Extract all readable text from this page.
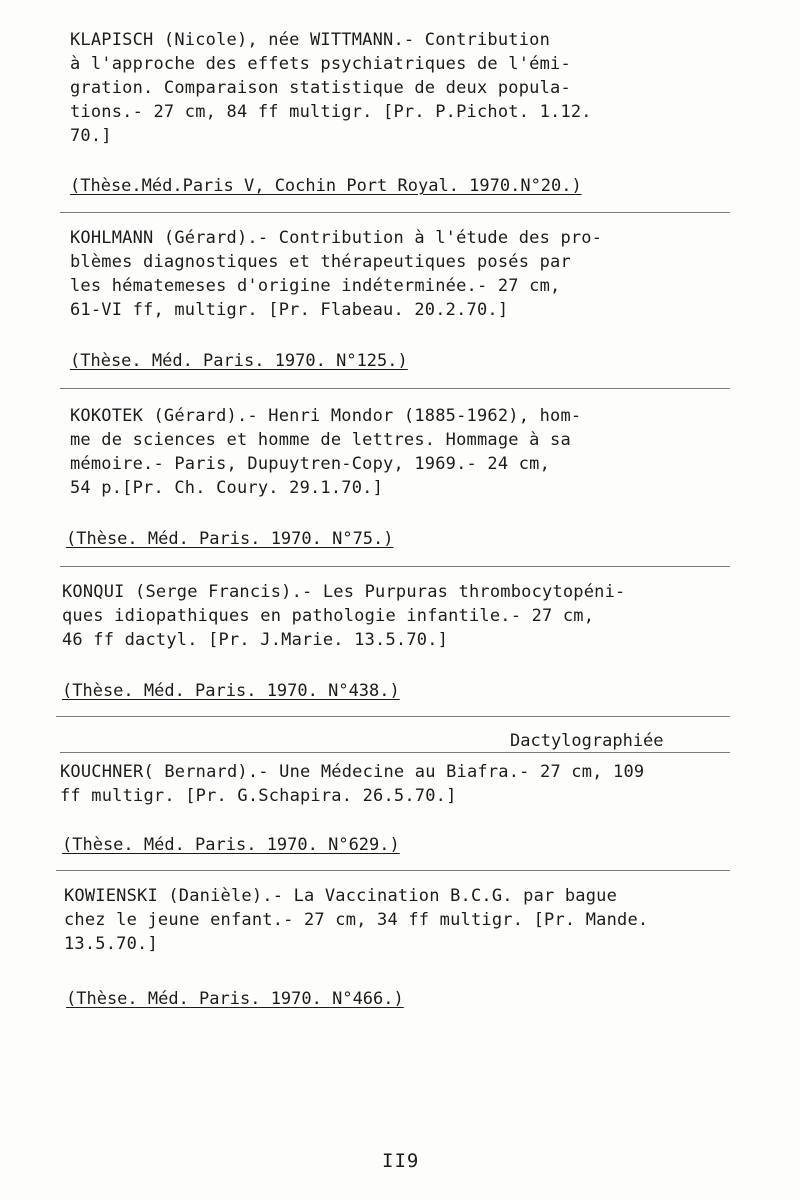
KLAPISCH (Nicole), née WITTMANN.- Contribution
à l'approche des effets psychiatriques de l'émi-
gration. Comparaison statistique de deux popula-
tions.- 27 cm, 84 ff multigr. [Pr. P.Pichot. 1.12.
70.]
(Thèse.Méd.Paris V, Cochin Port Royal. 1970.N°20.)
KOHLMANN (Gérard).- Contribution à l'étude des pro-
blèmes diagnostiques et thérapeutiques posés par
les hématemeses d'origine indéterminée.- 27 cm,
61-VI ff, multigr. [Pr. Flabeau. 20.2.70.]
(Thèse. Méd. Paris. 1970. N°125.)
KOKOTEK (Gérard).- Henri Mondor (1885-1962), hom-
me de sciences et homme de lettres. Hommage à sa
mémoire.- Paris, Dupuytren-Copy, 1969.- 24 cm,
54 p.[Pr. Ch. Coury. 29.1.70.]
(Thèse. Méd. Paris. 1970. N°75.)
KONQUI (Serge Francis).- Les Purpuras thrombocytopéni-
ques idiopathiques en pathologie infantile.- 27 cm,
46 ff dactyl. [Pr. J.Marie. 13.5.70.]
(Thèse. Méd. Paris. 1970. N°438.)
Dactylographiée
KOUCHNER( Bernard).- Une Médecine au Biafra.- 27 cm, 109
ff multigr. [Pr. G.Schapira. 26.5.70.]
(Thèse. Méd. Paris. 1970. N°629.)
KOWIENSKI (Danièle).- La Vaccination B.C.G. par bague
chez le jeune enfant.- 27 cm, 34 ff multigr. [Pr. Mande.
13.5.70.]
(Thèse. Méd. Paris. 1970. N°466.)
II9
